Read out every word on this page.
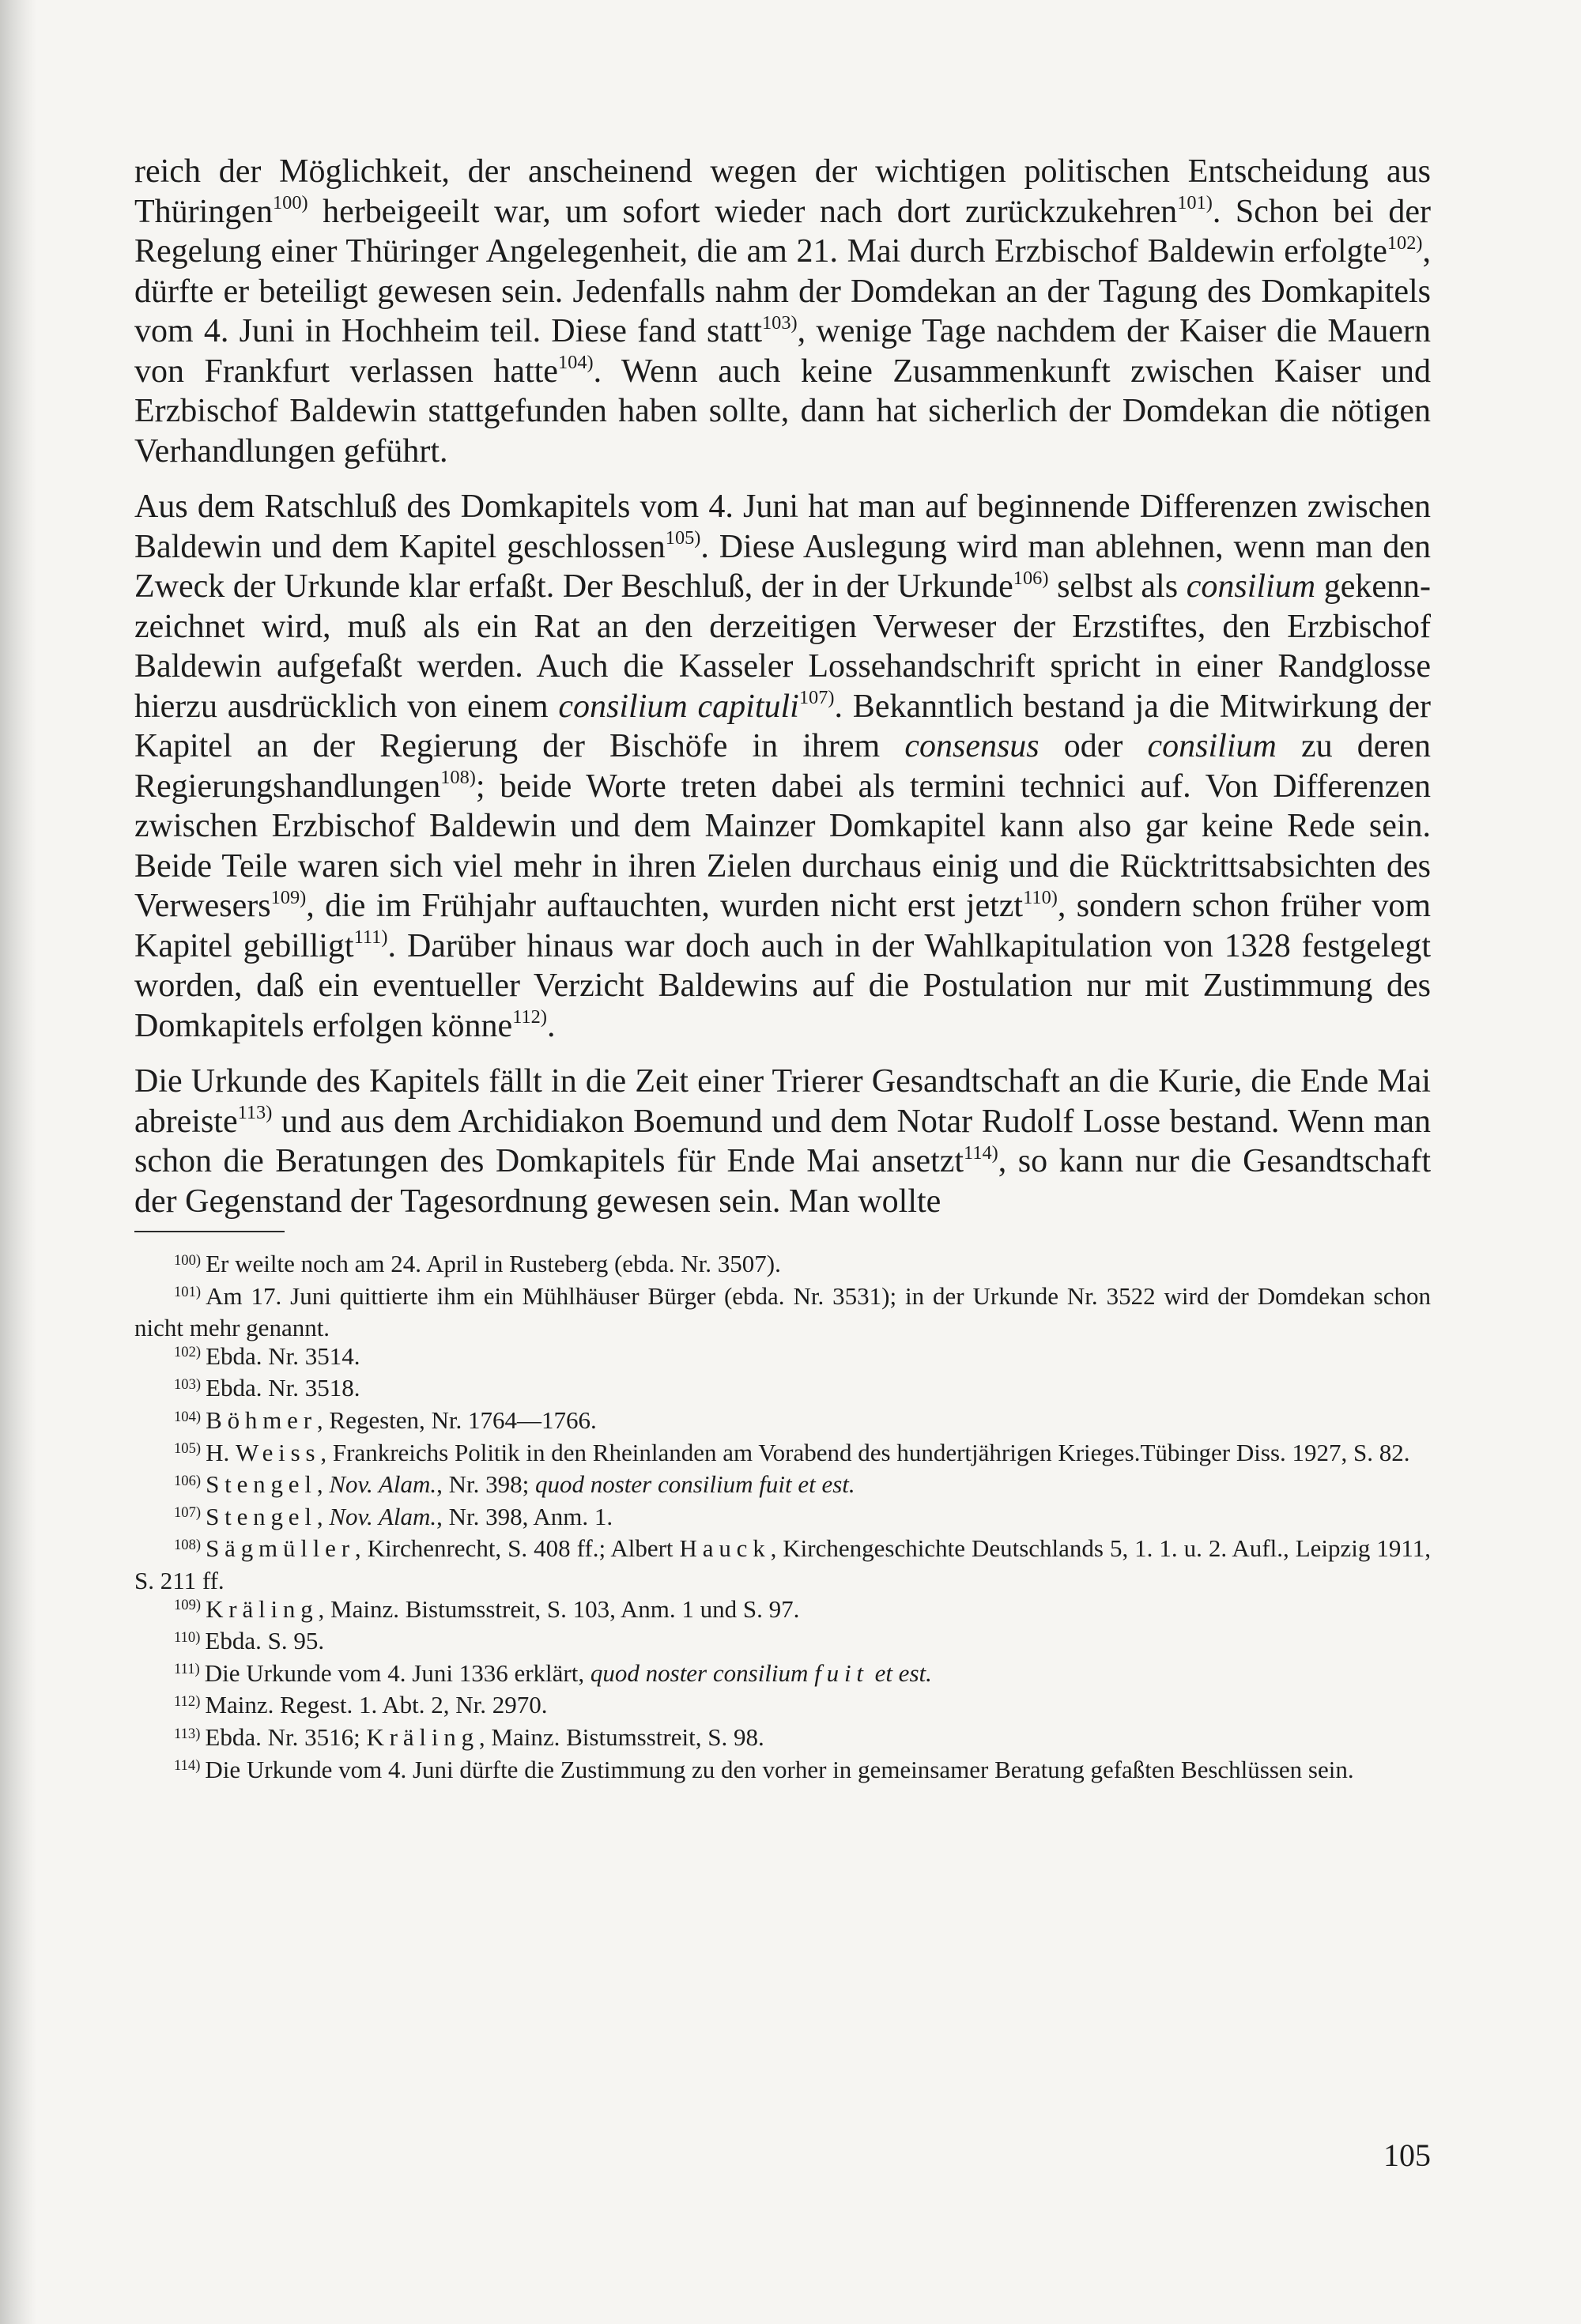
reich der Möglichkeit, der anscheinend wegen der wichtigen politischen Entscheidung aus Thüringen$^{100)}$ herbeigeeilt war, um sofort wieder nach dort zurückzukehren$^{101)}$. Schon bei der Regelung einer Thüringer Angelegenheit, die am 21. Mai durch Erzbischof Baldewin erfolgte$^{102)}$, dürfte er beteiligt gewesen sein. Jedenfalls nahm der Domdekan an der Tagung des Domkapitels vom 4. Juni in Hochheim teil. Diese fand statt$^{103)}$, wenige Tage nachdem der Kaiser die Mauern von Frankfurt verlassen hatte$^{104)}$. Wenn auch keine Zusammenkunft zwischen Kaiser und Erzbischof Baldewin stattgefunden haben sollte, dann hat sicherlich der Domdekan die nötigen Verhandlungen geführt.

Aus dem Ratschluß des Domkapitels vom 4. Juni hat man auf beginnende Differenzen zwischen Baldewin und dem Kapitel geschlossen$^{105)}$. Diese Auslegung wird man ablehnen, wenn man den Zweck der Urkunde klar erfaßt. Der Beschluß, der in der Urkunde$^{106)}$ selbst als consilium gekennzeichnet wird, muß als ein Rat an den derzeitigen Verweser der Erzstiftes, den Erzbischof Baldewin aufgefaßt werden. Auch die Kasseler Lossehandschrift spricht in einer Randglosse hierzu ausdrücklich von einem consilium capituli$^{107)}$. Bekanntlich bestand ja die Mitwirkung der Kapitel an der Regierung der Bischöfe in ihrem consensus oder consilium zu deren Regierungshandlungen$^{108)}$; beide Worte treten dabei als termini technici auf. Von Differenzen zwischen Erzbischof Baldewin und dem Mainzer Domkapitel kann also gar keine Rede sein. Beide Teile waren sich viel mehr in ihren Zielen durchaus einig und die Rücktrittsabsichten des Verwesers$^{109)}$, die im Frühjahr auftauchten, wurden nicht erst jetzt$^{110)}$, sondern schon früher vom Kapitel gebilligt$^{111)}$. Darüber hinaus war doch auch in der Wahlkapitulation von 1328 festgelegt worden, daß ein eventueller Verzicht Baldewins auf die Postulation nur mit Zustimmung des Domkapitels erfolgen könne$^{112)}$.

Die Urkunde des Kapitels fällt in die Zeit einer Trierer Gesandtschaft an die Kurie, die Ende Mai abreiste$^{113)}$ und aus dem Archidiakon Boemund und dem Notar Rudolf Losse bestand. Wenn man schon die Beratungen des Domkapitels für Ende Mai ansetzt$^{114)}$, so kann nur die Gesandtschaft der Gegenstand der Tagesordnung gewesen sein. Man wollte

$^{100)}$ Er weilte noch am 24. April in Rusteberg (ebda. Nr. 3507).

$^{101)}$ Am 17. Juni quittierte ihm ein Mühlhäuser Bürger (ebda. Nr. 3531); in der Urkunde Nr. 3522 wird der Domdekan schon nicht mehr genannt.

$^{102)}$ Ebda. Nr. 3514.

$^{103)}$ Ebda. Nr. 3518.

$^{104)}$ Böhmer, Regesten, Nr. 1764—1766.

$^{105)}$ H. Weiss, Frankreichs Politik in den Rheinlanden am Vorabend des hundertjährigen Krieges.Tübinger Diss. 1927, S. 82.

$^{106)}$ Stengel, Nov. Alam., Nr. 398; quod noster consilium fuit et est.

$^{107)}$ Stengel, Nov. Alam., Nr. 398, Anm. 1.

$^{108)}$ Sägmüller, Kirchenrecht, S. 408 ff.; Albert Hauck, Kirchengeschichte Deutschlands 5, 1. 1. u. 2. Aufl., Leipzig 1911, S. 211 ff.

$^{109)}$ Kräling, Mainz. Bistumsstreit, S. 103, Anm. 1 und S. 97.

$^{110)}$ Ebda. S. 95.

$^{111)}$ Die Urkunde vom 4. Juni 1336 erklärt, quod noster consilium fuit et est.

$^{112)}$ Mainz. Regest. 1. Abt. 2, Nr. 2970.

$^{113)}$ Ebda. Nr. 3516; Kräling, Mainz. Bistumsstreit, S. 98.

$^{114)}$ Die Urkunde vom 4. Juni dürfte die Zustimmung zu den vorher in gemeinsamer Beratung gefaßten Beschlüssen sein.

105
